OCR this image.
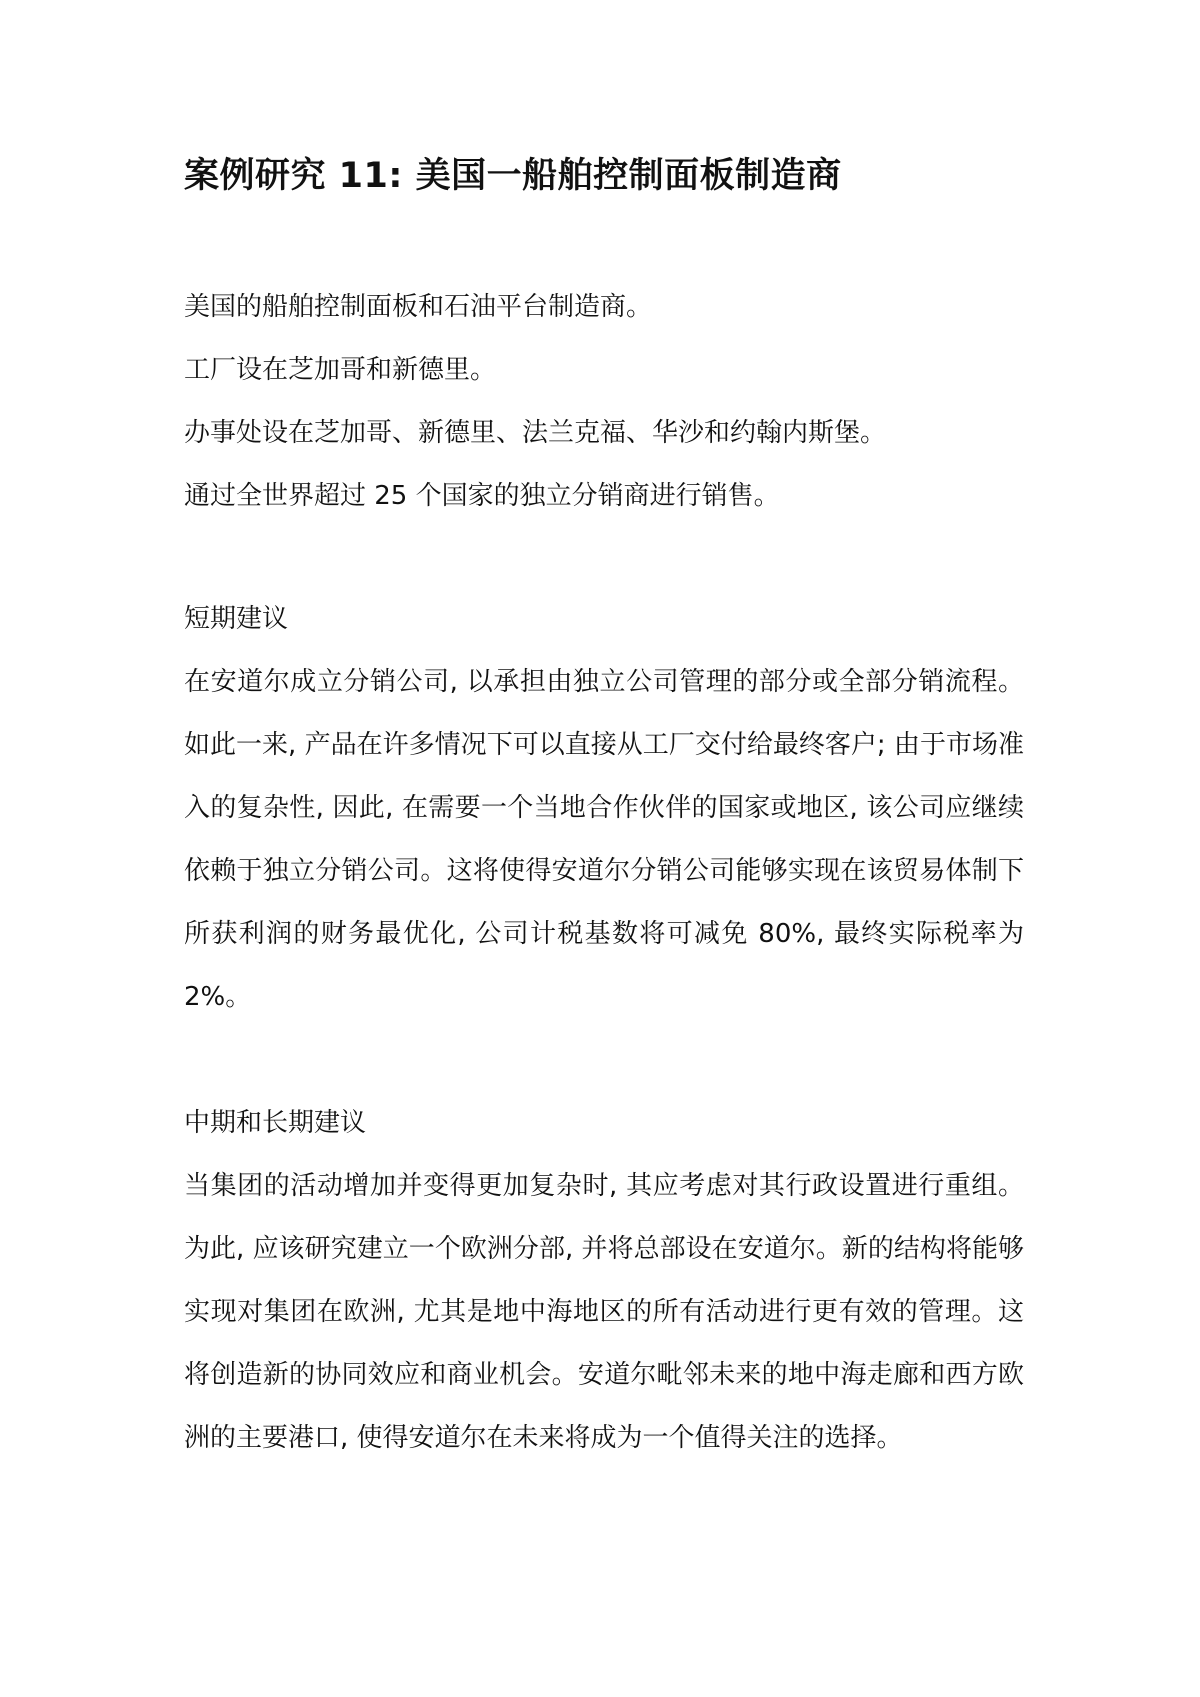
案例研究 11: 美国一船舶控制面板制造商

美国的船舶控制面板和石油平台制造商。

工厂设在芝加哥和新德里。

办事处设在芝加哥、新德里、法兰克福、华沙和约翰内斯堡。

通过全世界超过 25 个国家的独立分销商进行销售。

短期建议

在安道尔成立分销公司, 以承担由独立公司管理的部分或全部分销流程。如此一来, 产品在许多情况下可以直接从工厂交付给最终客户; 由于市场准入的复杂性, 因此, 在需要一个当地合作伙伴的国家或地区, 该公司应继续依赖于独立分销公司。这将使得安道尔分销公司能够实现在该贸易体制下所获利润的财务最优化, 公司计税基数将可减免 80%, 最终实际税率为 2%。

中期和长期建议

当集团的活动增加并变得更加复杂时, 其应考虑对其行政设置进行重组。为此, 应该研究建立一个欧洲分部, 并将总部设在安道尔。新的结构将能够实现对集团在欧洲, 尤其是地中海地区的所有活动进行更有效的管理。这将创造新的协同效应和商业机会。安道尔毗邻未来的地中海走廊和西方欧洲的主要港口, 使得安道尔在未来将成为一个值得关注的选择。
